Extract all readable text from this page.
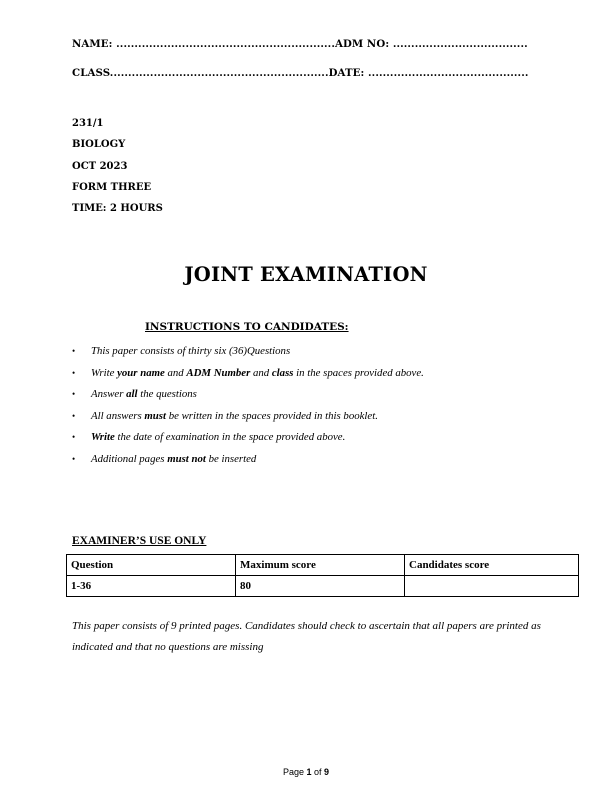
NAME: ............................................................ADM NO: .....................................
CLASS............................................................DATE: ............................................
231/1
BIOLOGY
OCT 2023
FORM THREE
TIME: 2 HOURS
JOINT EXAMINATION
INSTRUCTIONS TO CANDIDATES:
• This paper consists of thirty six (36)Questions
• Write your name and ADM Number and class in the spaces provided above.
• Answer all the questions
• All answers must be written in the spaces provided in this booklet.
• Write the date of examination in the space provided above.
• Additional pages must not be inserted
EXAMINER’S USE ONLY
Question	Maximum score	Candidates score
1-36	80	
This paper consists of 9 printed pages. Candidates should check to ascertain that all papers are printed as indicated and that no questions are missing
Page 1 of 9
